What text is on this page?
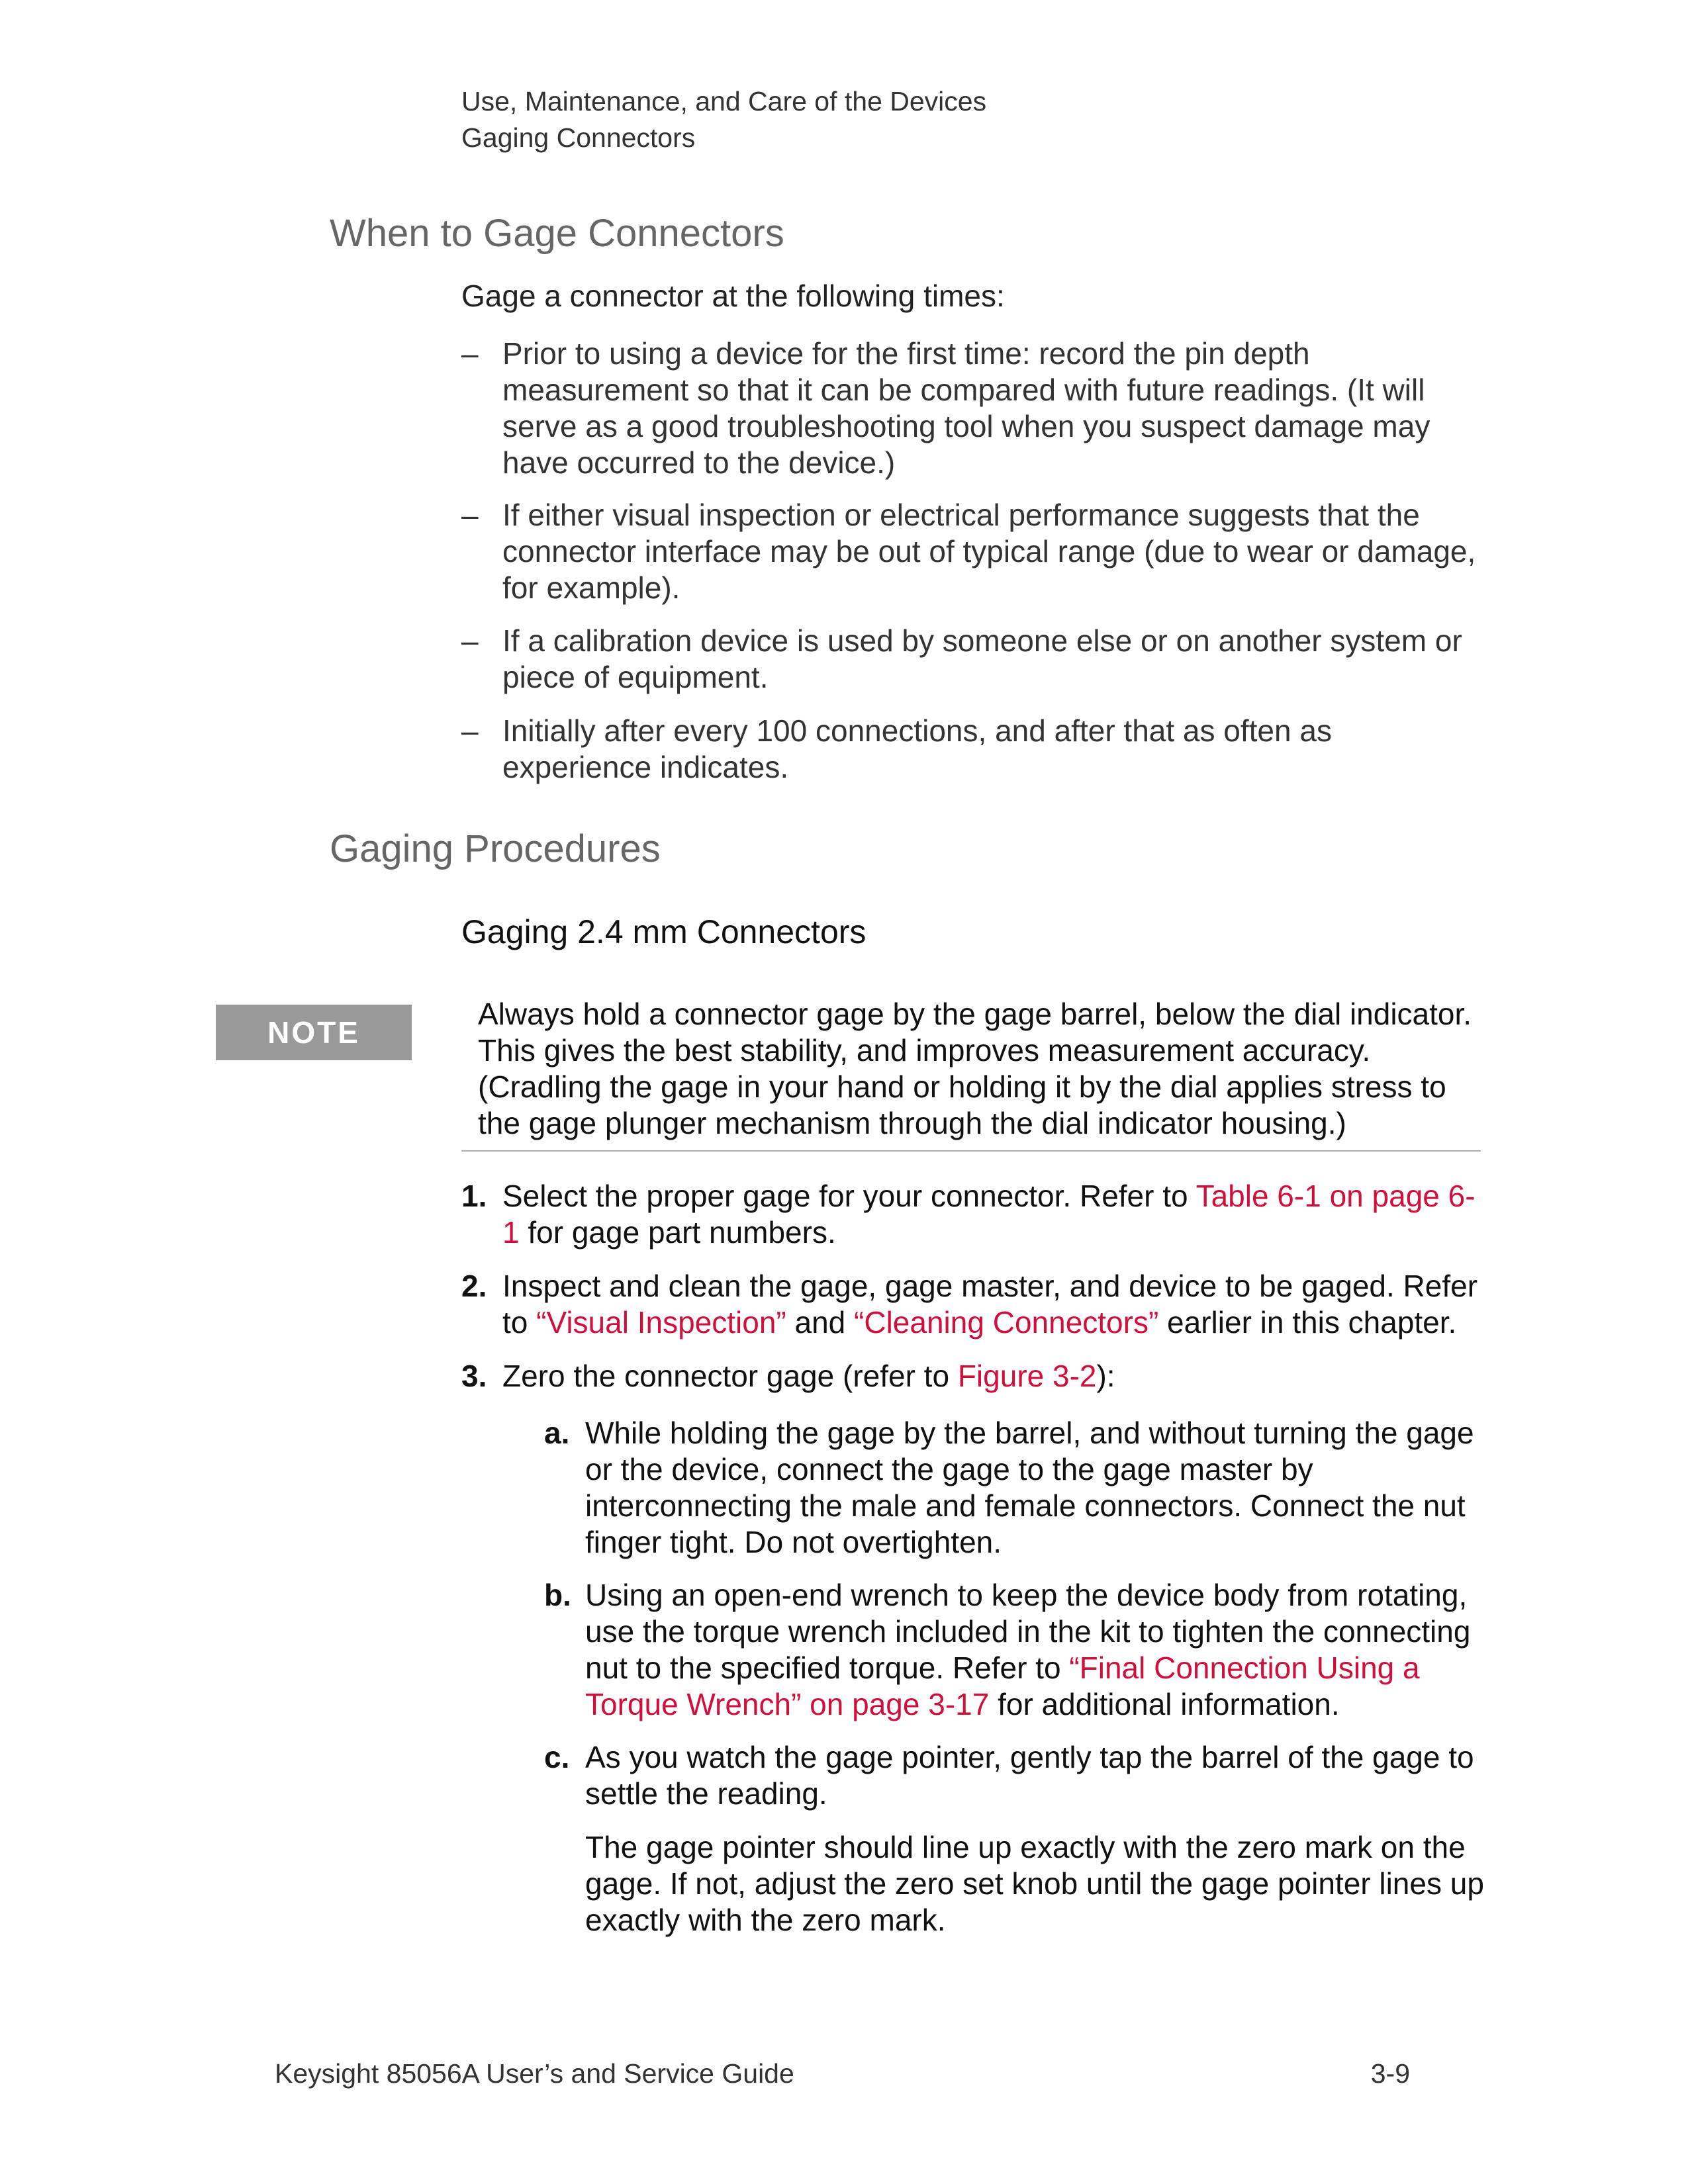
Use, Maintenance, and Care of the Devices
Gaging Connectors
When to Gage Connectors
Gage a connector at the following times:
– Prior to using a device for the first time: record the pin depth measurement so that it can be compared with future readings. (It will serve as a good troubleshooting tool when you suspect damage may have occurred to the device.)
– If either visual inspection or electrical performance suggests that the connector interface may be out of typical range (due to wear or damage, for example).
– If a calibration device is used by someone else or on another system or piece of equipment.
– Initially after every 100 connections, and after that as often as experience indicates.
Gaging Procedures
Gaging 2.4 mm Connectors
NOTE
Always hold a connector gage by the gage barrel, below the dial indicator. This gives the best stability, and improves measurement accuracy. (Cradling the gage in your hand or holding it by the dial applies stress to the gage plunger mechanism through the dial indicator housing.)
1. Select the proper gage for your connector. Refer to Table 6-1 on page 6-1 for gage part numbers.
2. Inspect and clean the gage, gage master, and device to be gaged. Refer to “Visual Inspection” and “Cleaning Connectors” earlier in this chapter.
3. Zero the connector gage (refer to Figure 3-2):
a. While holding the gage by the barrel, and without turning the gage or the device, connect the gage to the gage master by interconnecting the male and female connectors. Connect the nut finger tight. Do not overtighten.
b. Using an open-end wrench to keep the device body from rotating, use the torque wrench included in the kit to tighten the connecting nut to the specified torque. Refer to “Final Connection Using a Torque Wrench” on page 3-17 for additional information.
c. As you watch the gage pointer, gently tap the barrel of the gage to settle the reading.
The gage pointer should line up exactly with the zero mark on the gage. If not, adjust the zero set knob until the gage pointer lines up exactly with the zero mark.
Keysight 85056A User’s and Service Guide	3-9
